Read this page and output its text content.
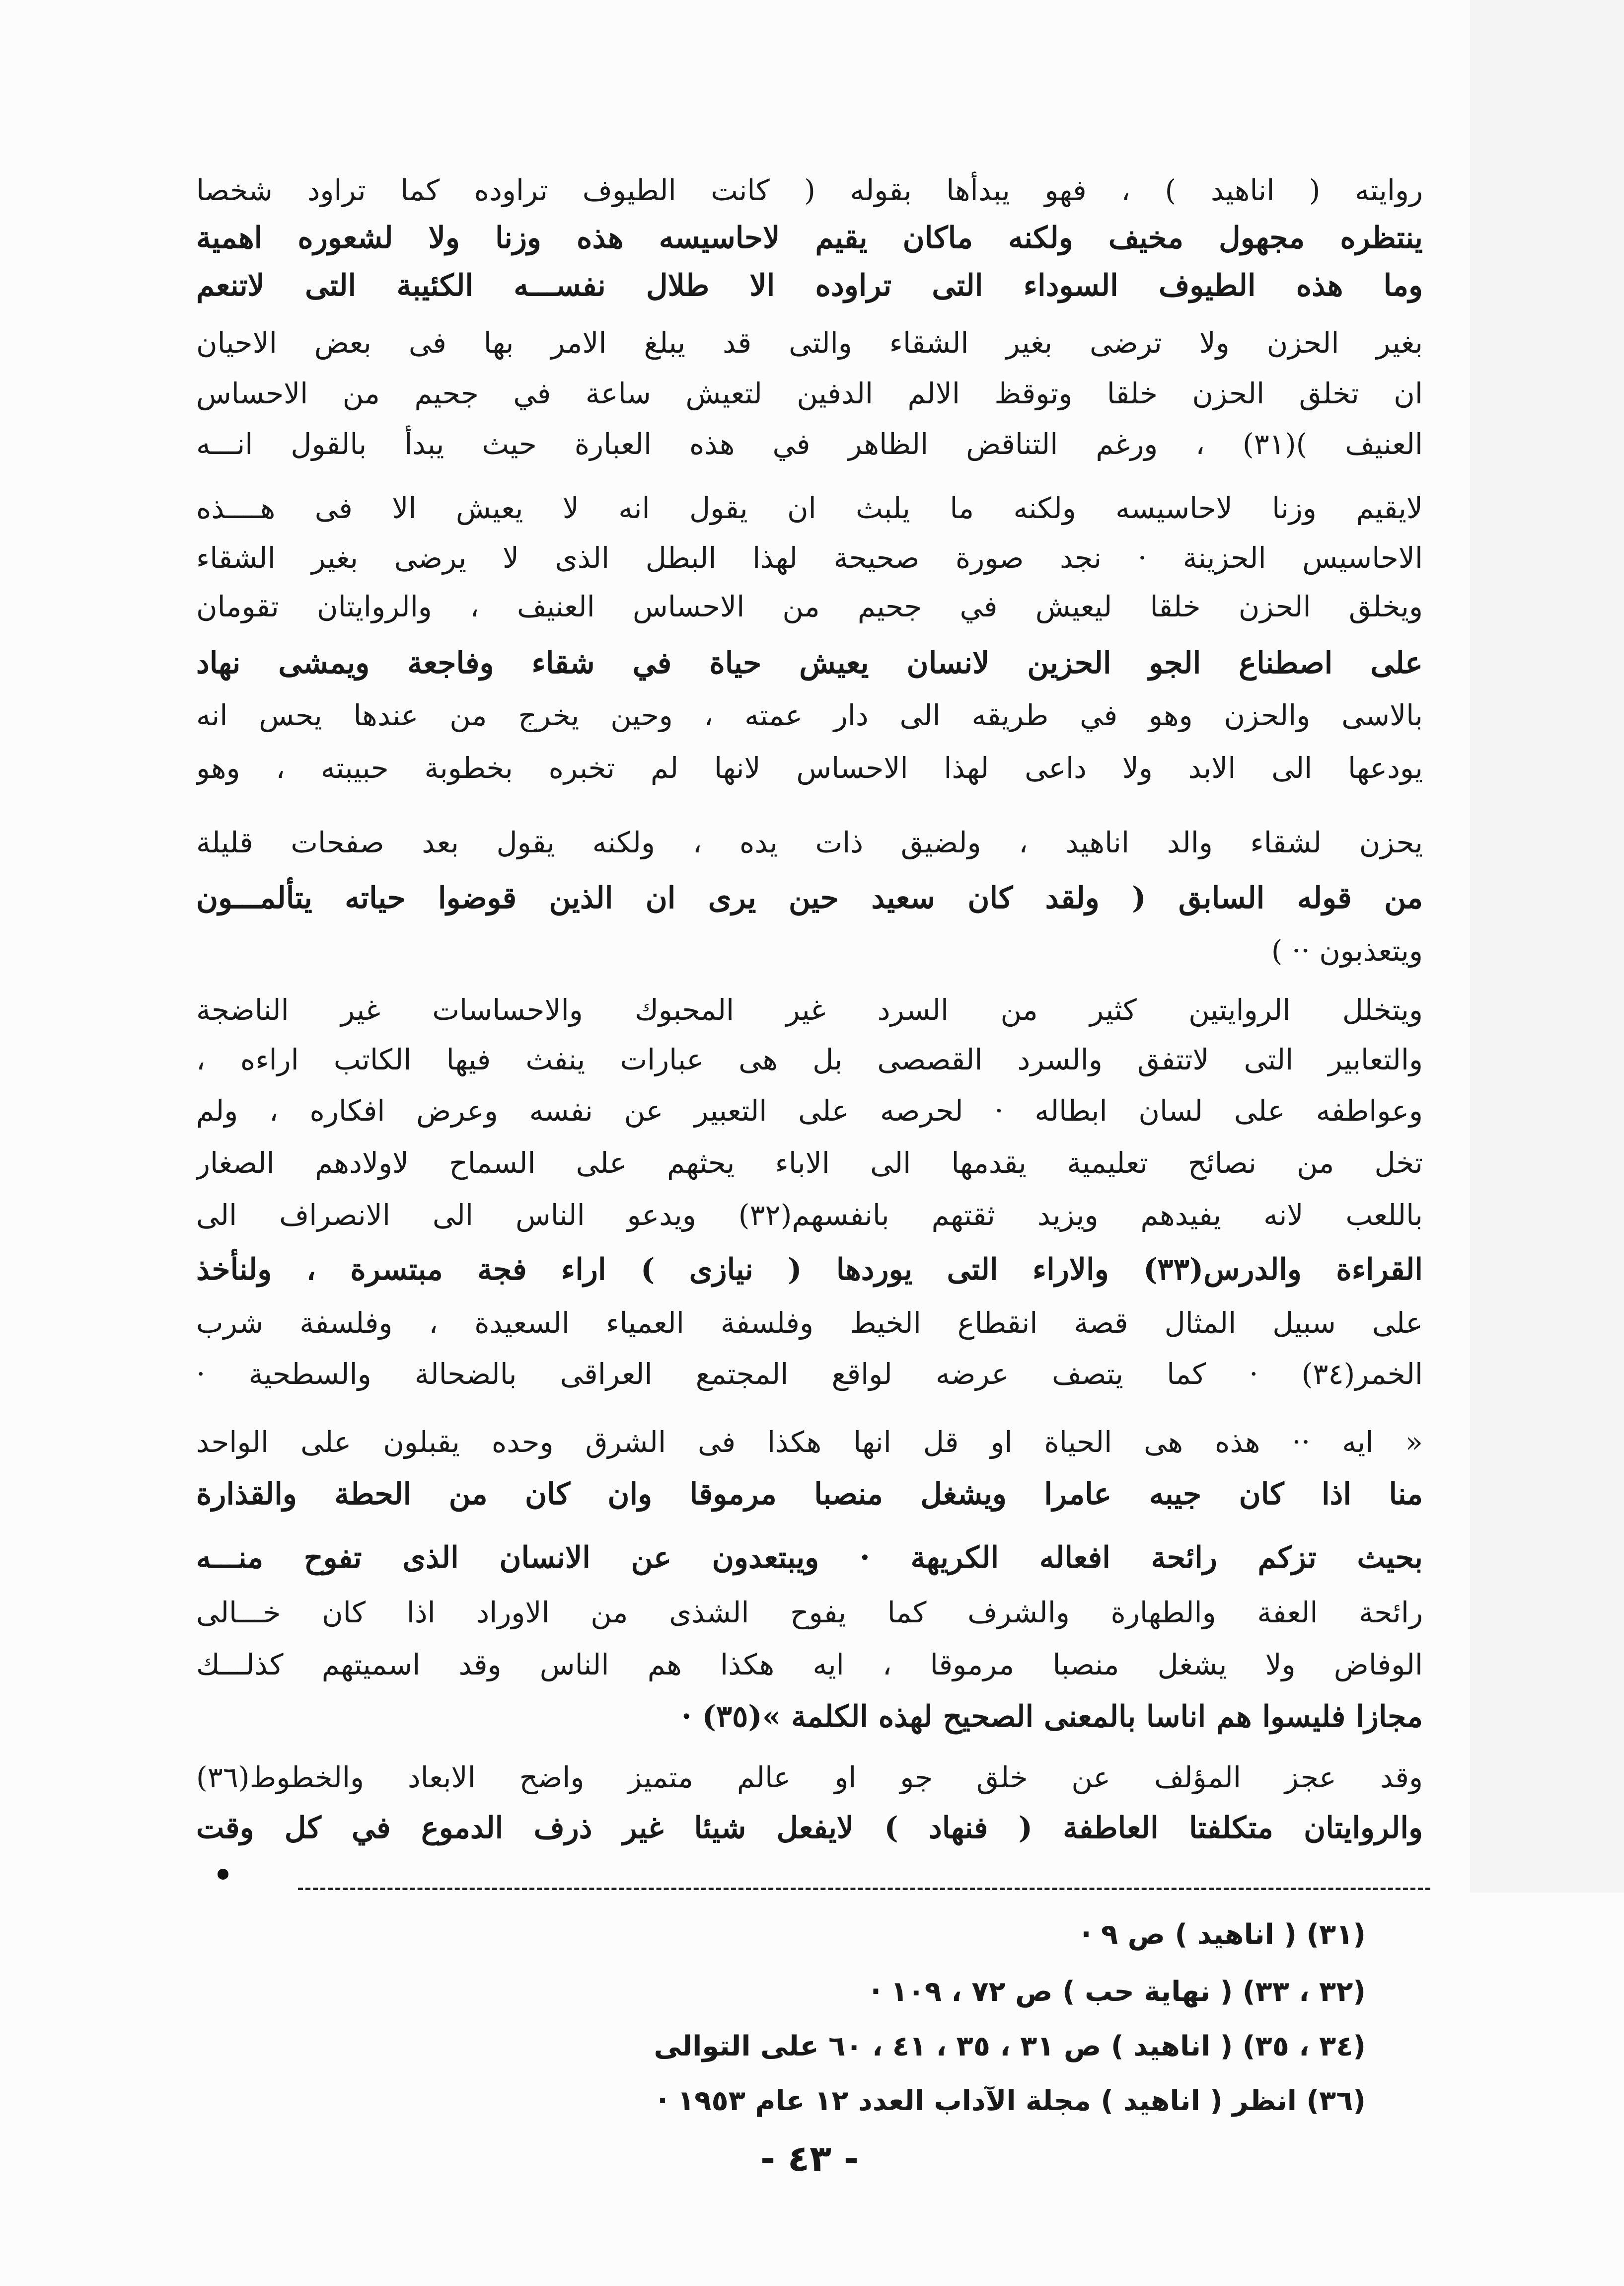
روايته ( اناهيد ) ، فهو يبدأها بقوله ( كانت الطيوف تراوده كما تراود شخصا
ينتظره مجهول مخيف ولكنه ماكان يقيم لاحاسيسه هذه وزنا ولا لشعوره اهمية
وما هذه الطيوف السوداء التى تراوده الا طلال نفســـه الكئيبة التى لاتنعم
بغير الحزن ولا ترضى بغير الشقاء والتى قد يبلغ الامر بها فى بعض الاحيان
ان تخلق الحزن خلقا وتوقظ الالم الدفين لتعيش ساعة في جحيم من الاحساس
العنيف )(٣١) ، ورغم التناقض الظاهر في هذه العبارة حيث يبدأ بالقول انـــه
لايقيم وزنا لاحاسيسه ولكنه ما يلبث ان يقول انه لا يعيش الا فى هــــذه
الاحاسيس الحزينة · نجد صورة صحيحة لهذا البطل الذى لا يرضى بغير الشقاء
ويخلق الحزن خلقا ليعيش في جحيم من الاحساس العنيف ، والروايتان تقومان
على اصطناع الجو الحزين لانسان يعيش حياة في شقاء وفاجعة ويمشى نهاد
بالاسى والحزن وهو في طريقه الى دار عمته ، وحين يخرج من عندها يحس انه
يودعها الى الابد ولا داعى لهذا الاحساس لانها لم تخبره بخطوبة حبيبته ، وهو
يحزن لشقاء والد اناهيد ، ولضيق ذات يده ، ولكنه يقول بعد صفحات قليلة
من قوله السابق ( ولقد كان سعيد حين يرى ان الذين قوضوا حياته يتألمـــون
ويتعذبون ·· )
ويتخلل الروايتين كثير من السرد غير المحبوك والاحساسات غير الناضجة
والتعابير التى لاتتفق والسرد القصصى بل هى عبارات ينفث فيها الكاتب اراءه ،
وعواطفه على لسان ابطاله · لحرصه على التعبير عن نفسه وعرض افكاره ، ولم
تخل من نصائح تعليمية يقدمها الى الاباء يحثهم على السماح لاولادهم الصغار
باللعب لانه يفيدهم ويزيد ثقتهم بانفسهم(٣٢) ويدعو الناس الى الانصراف الى
القراءة والدرس(٣٣) والاراء التى يوردها ( نيازى ) اراء فجة مبتسرة ، ولنأخذ
على سبيل المثال قصة انقطاع الخيط وفلسفة العمياء السعيدة ، وفلسفة شرب
الخمر(٣٤) · كما يتصف عرضه لواقع المجتمع العراقى بالضحالة والسطحية ·
« ايه ·· هذه هى الحياة او قل انها هكذا فى الشرق وحده يقبلون على الواحد
منا اذا كان جيبه عامرا ويشغل منصبا مرموقا وان كان من الحطة والقذارة
بحيث تزكم رائحة افعاله الكريهة · ويبتعدون عن الانسان الذى تفوح منـــه
رائحة العفة والطهارة والشرف كما يفوح الشذى من الاوراد اذا كان خـــالى
الوفاض ولا يشغل منصبا مرموقا ، ايه هكذا هم الناس وقد اسميتهم كذلـــك
مجازا فليسوا هم اناسا بالمعنى الصحيح لهذه الكلمة »(٣٥) ·
وقد عجز المؤلف عن خلق جو او عالم متميز واضح الابعاد والخطوط(٣٦)
والروايتان متكلفتا العاطفة ( فنهاد ) لايفعل شيئا غير ذرف الدموع في كل وقت
(٣١) ( اناهيد ) ص ٩ ·
(٣٢ ، ٣٣) ( نهاية حب ) ص ٧٢ ، ١٠٩ ·
(٣٤ ، ٣٥) ( اناهيد ) ص ٣١ ، ٣٥ ، ٤١ ، ٦٠ على التوالى
(٣٦) انظر ( اناهيد ) مجلة الآداب العدد ١٢ عام ١٩٥٣ ·
- ٤٣ -
